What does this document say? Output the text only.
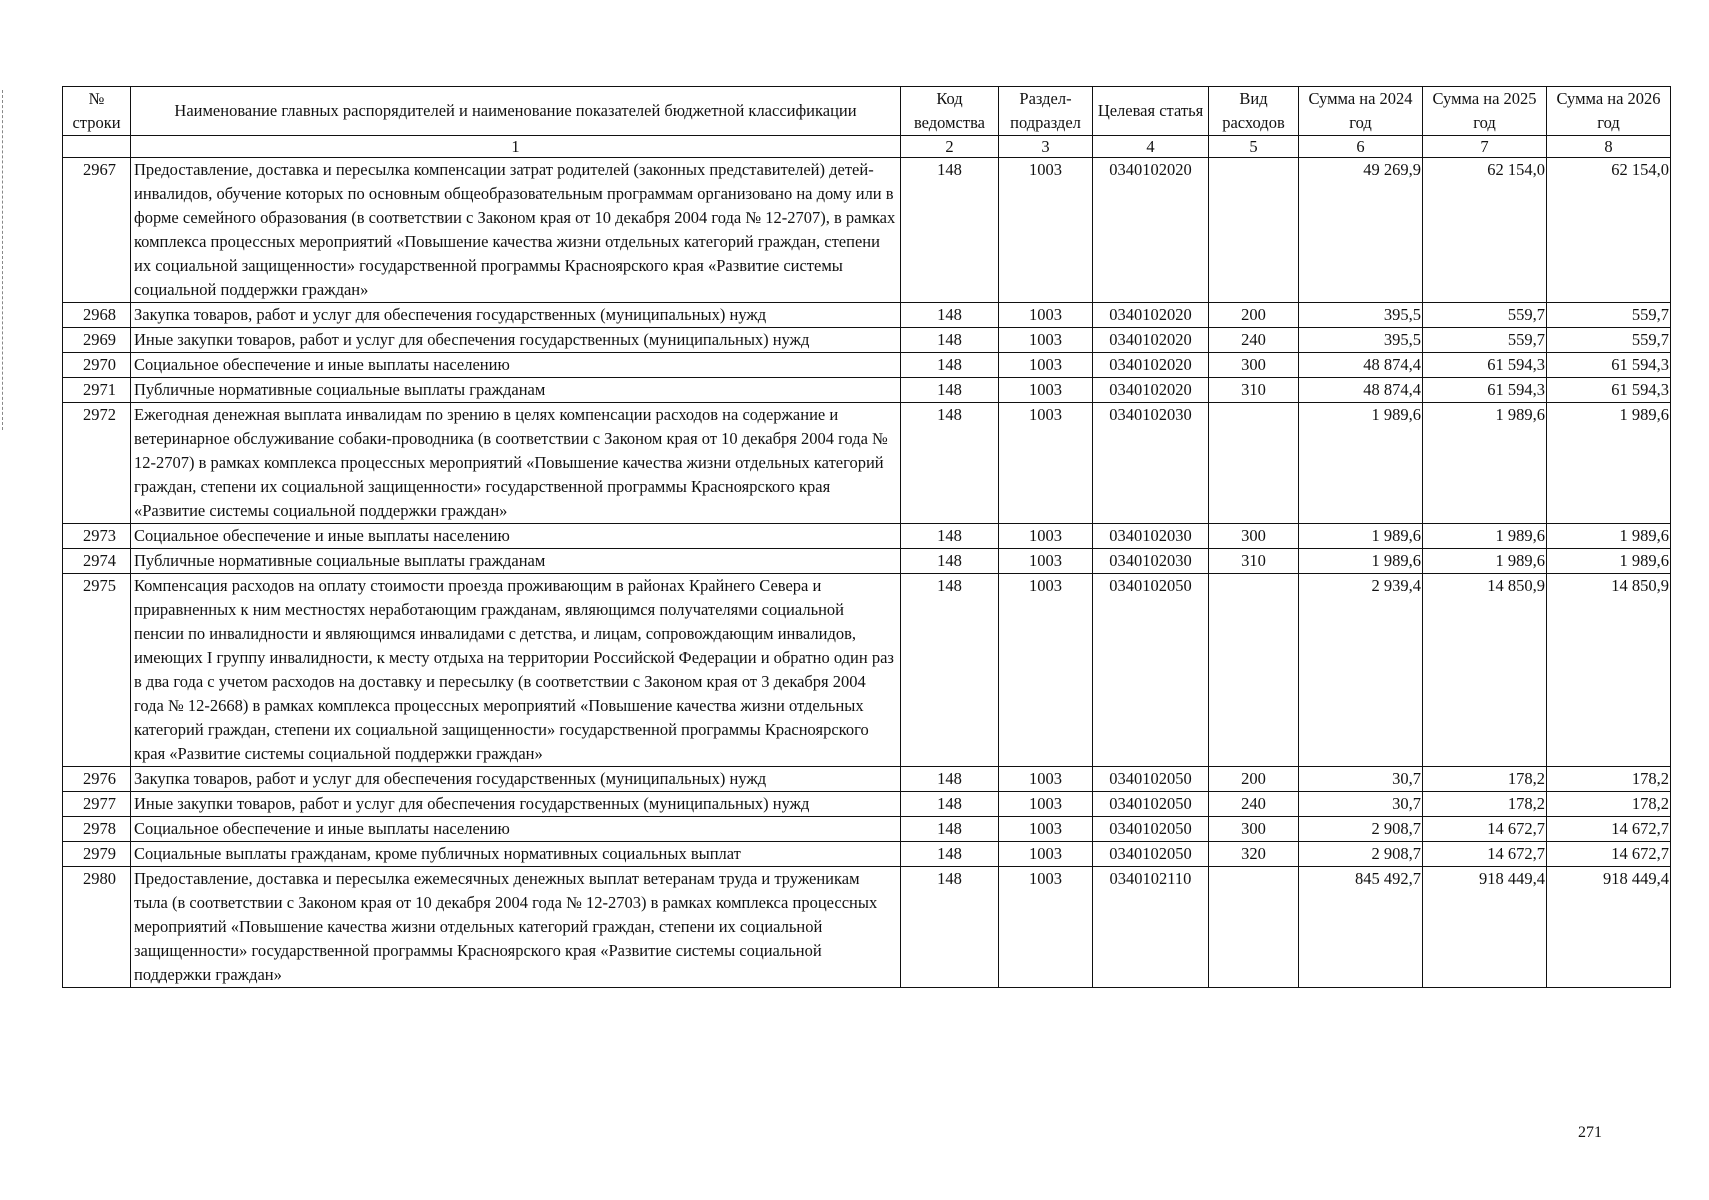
№ строки	Наименование главных распорядителей и наименование показателей бюджетной классификации	Код ведомства	Раздел-подраздел	Целевая статья	Вид расходов	Сумма на 2024 год	Сумма на 2025 год	Сумма на 2026 год
	1	2	3	4	5	6	7	8
2967	Предоставление, доставка и пересылка компенсации затрат родителей (законных представителей) детей-инвалидов, обучение которых по основным общеобразовательным программам организовано на дому или в форме семейного образования (в соответствии с Законом края от 10 декабря 2004 года № 12-2707), в рамках комплекса процессных мероприятий «Повышение качества жизни отдельных категорий граждан, степени их социальной защищенности» государственной программы Красноярского края «Развитие системы социальной поддержки граждан»	148	1003	0340102020		49 269,9	62 154,0	62 154,0
2968	Закупка товаров, работ и услуг для обеспечения государственных (муниципальных) нужд	148	1003	0340102020	200	395,5	559,7	559,7
2969	Иные закупки товаров, работ и услуг для обеспечения государственных (муниципальных) нужд	148	1003	0340102020	240	395,5	559,7	559,7
2970	Социальное обеспечение и иные выплаты населению	148	1003	0340102020	300	48 874,4	61 594,3	61 594,3
2971	Публичные нормативные социальные выплаты гражданам	148	1003	0340102020	310	48 874,4	61 594,3	61 594,3
2972	Ежегодная денежная выплата инвалидам по зрению в целях компенсации расходов на содержание и ветеринарное обслуживание собаки-проводника (в соответствии с Законом края от 10 декабря 2004 года № 12-2707) в рамках комплекса процессных мероприятий «Повышение качества жизни отдельных категорий граждан, степени их социальной защищенности» государственной программы Красноярского края «Развитие системы социальной поддержки граждан»	148	1003	0340102030		1 989,6	1 989,6	1 989,6
2973	Социальное обеспечение и иные выплаты населению	148	1003	0340102030	300	1 989,6	1 989,6	1 989,6
2974	Публичные нормативные социальные выплаты гражданам	148	1003	0340102030	310	1 989,6	1 989,6	1 989,6
2975	Компенсация расходов на оплату стоимости проезда проживающим в районах Крайнего Севера и приравненных к ним местностях неработающим гражданам, являющимся получателями социальной пенсии по инвалидности и являющимся инвалидами с детства, и лицам, сопровождающим инвалидов, имеющих I группу инвалидности, к месту отдыха на территории Российской Федерации и обратно один раз в два года с учетом расходов на доставку и пересылку (в соответствии с Законом края от 3 декабря 2004 года № 12-2668) в рамках комплекса процессных мероприятий «Повышение качества жизни отдельных категорий граждан, степени их социальной защищенности» государственной программы Красноярского края «Развитие системы социальной поддержки граждан»	148	1003	0340102050		2 939,4	14 850,9	14 850,9
2976	Закупка товаров, работ и услуг для обеспечения государственных (муниципальных) нужд	148	1003	0340102050	200	30,7	178,2	178,2
2977	Иные закупки товаров, работ и услуг для обеспечения государственных (муниципальных) нужд	148	1003	0340102050	240	30,7	178,2	178,2
2978	Социальное обеспечение и иные выплаты населению	148	1003	0340102050	300	2 908,7	14 672,7	14 672,7
2979	Социальные выплаты гражданам, кроме публичных нормативных социальных выплат	148	1003	0340102050	320	2 908,7	14 672,7	14 672,7
2980	Предоставление, доставка и пересылка ежемесячных денежных выплат ветеранам труда и труженикам тыла (в соответствии с Законом края от 10 декабря 2004 года № 12-2703) в рамках комплекса процессных мероприятий «Повышение качества жизни отдельных категорий граждан, степени их социальной защищенности» государственной программы Красноярского края «Развитие системы социальной поддержки граждан»	148	1003	0340102110		845 492,7	918 449,4	918 449,4
271
